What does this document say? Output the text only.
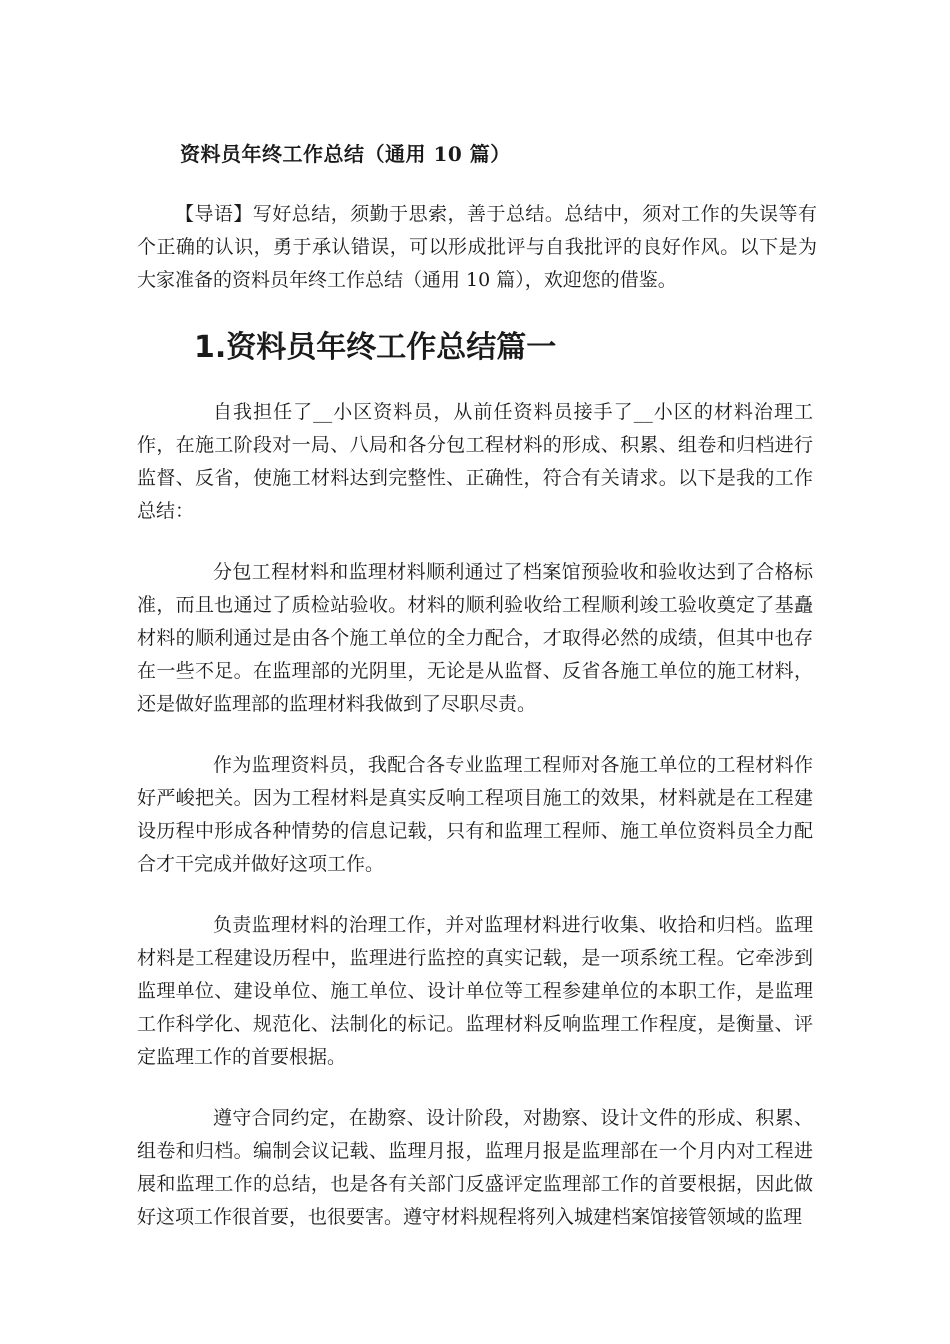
资料员年终工作总结（通用 10 篇）

【导语】写好总结，须勤于思索，善于总结。总结中，须对工作的失误等有个正确的认识，勇于承认错误，可以形成批评与自我批评的良好作风。以下是为大家准备的资料员年终工作总结（通用 10 篇），欢迎您的借鉴。

1.资料员年终工作总结篇一

自我担任了__小区资料员，从前任资料员接手了__小区的材料治理工作，在施工阶段对一局、八局和各分包工程材料的形成、积累、组卷和归档进行监督、反省，使施工材料达到完整性、正确性，符合有关请求。以下是我的工作总结：

分包工程材料和监理材料顺利通过了档案馆预验收和验收达到了合格标准，而且也通过了质检站验收。材料的顺利验收给工程顺利竣工验收奠定了基矗材料的顺利通过是由各个施工单位的全力配合，才取得必然的成绩，但其中也存在一些不足。在监理部的光阴里，无论是从监督、反省各施工单位的施工材料，还是做好监理部的监理材料我做到了尽职尽责。

作为监理资料员，我配合各专业监理工程师对各施工单位的工程材料作好严峻把关。因为工程材料是真实反响工程项目施工的效果，材料就是在工程建设历程中形成各种情势的信息记载，只有和监理工程师、施工单位资料员全力配合才干完成并做好这项工作。

负责监理材料的治理工作，并对监理材料进行收集、收拾和归档。监理材料是工程建设历程中，监理进行监控的真实记载，是一项系统工程。它牵涉到监理单位、建设单位、施工单位、设计单位等工程参建单位的本职工作，是监理工作科学化、规范化、法制化的标记。监理材料反响监理工作程度，是衡量、评定监理工作的首要根据。

遵守合同约定，在勘察、设计阶段，对勘察、设计文件的形成、积累、组卷和归档。编制会议记载、监理月报，监理月报是监理部在一个月内对工程进展和监理工作的总结，也是各有关部门反盛评定监理部工作的首要根据，因此做好这项工作很首要，也很要害。遵守材料规程将列入城建档案馆接管领域的监理
